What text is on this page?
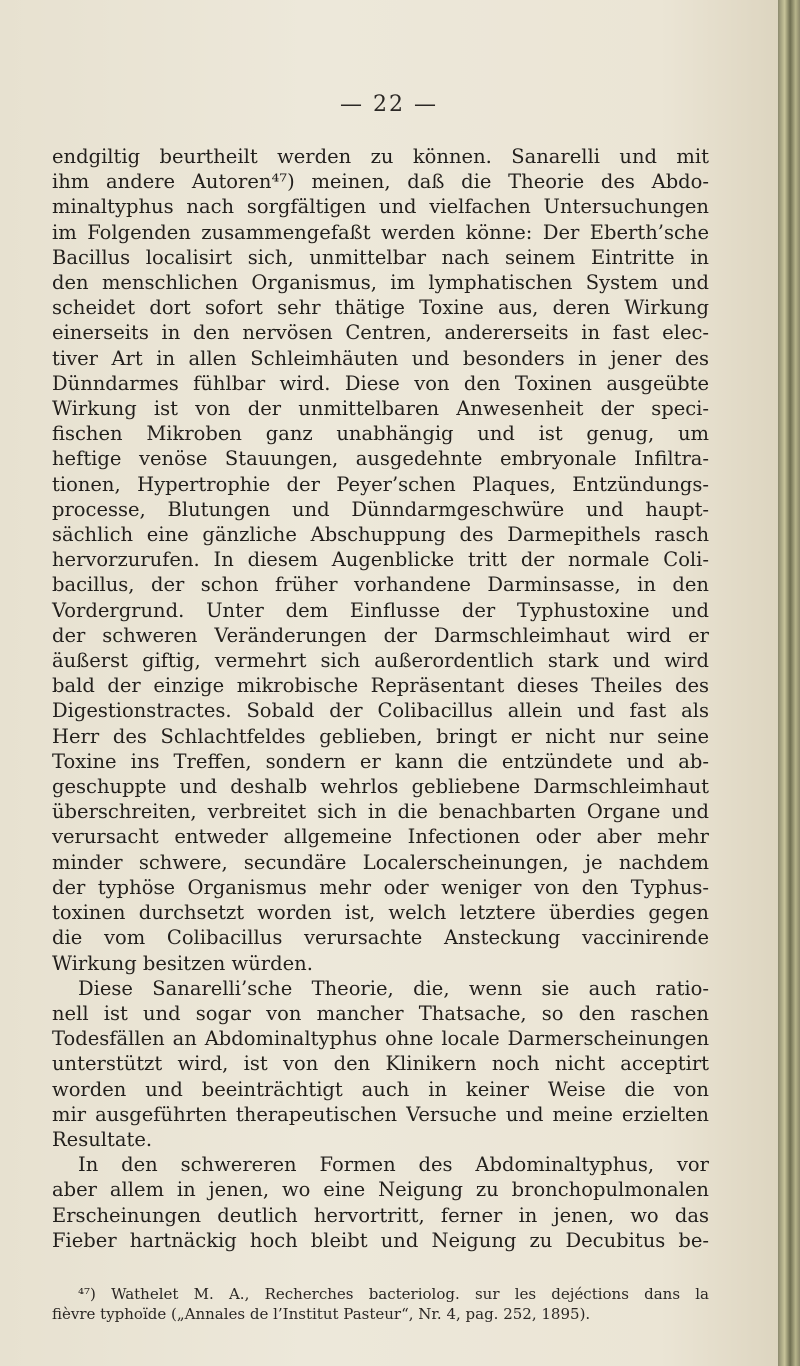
— 22 —
endgiltig beurtheilt werden zu können. Sanarelli und mit
ihm andere Autoren⁴⁷) meinen, daß die Theorie des Abdo-
minaltyphus nach sorgfältigen und vielfachen Untersuchungen
im Folgenden zusammengefaßt werden könne: Der Eberth’sche
Bacillus localisirt sich, unmittelbar nach seinem Eintritte in
den menschlichen Organismus, im lymphatischen System und
scheidet dort sofort sehr thätige Toxine aus, deren Wirkung
einerseits in den nervösen Centren, andererseits in fast elec-
tiver Art in allen Schleimhäuten und besonders in jener des
Dünndarmes fühlbar wird. Diese von den Toxinen ausgeübte
Wirkung ist von der unmittelbaren Anwesenheit der speci-
fischen Mikroben ganz unabhängig und ist genug, um
heftige venöse Stauungen, ausgedehnte embryonale Infiltra-
tionen, Hypertrophie der Peyer’schen Plaques, Entzündungs-
processe, Blutungen und Dünndarmgeschwüre und haupt-
sächlich eine gänzliche Abschuppung des Darmepithels rasch
hervorzurufen. In diesem Augenblicke tritt der normale Coli-
bacillus, der schon früher vorhandene Darminsasse, in den
Vordergrund. Unter dem Einflusse der Typhustoxine und
der schweren Veränderungen der Darmschleimhaut wird er
äußerst giftig, vermehrt sich außerordentlich stark und wird
bald der einzige mikrobische Repräsentant dieses Theiles des
Digestionstractes. Sobald der Colibacillus allein und fast als
Herr des Schlachtfeldes geblieben, bringt er nicht nur seine
Toxine ins Treffen, sondern er kann die entzündete und ab-
geschuppte und deshalb wehrlos gebliebene Darmschleimhaut
überschreiten, verbreitet sich in die benachbarten Organe und
verursacht entweder allgemeine Infectionen oder aber mehr
minder schwere, secundäre Localerscheinungen, je nachdem
der typhöse Organismus mehr oder weniger von den Typhus-
toxinen durchsetzt worden ist, welch letztere überdies gegen
die vom Colibacillus verursachte Ansteckung vaccinirende
Wirkung besitzen würden.
Diese Sanarelli’sche Theorie, die, wenn sie auch ratio-
nell ist und sogar von mancher Thatsache, so den raschen
Todesfällen an Abdominaltyphus ohne locale Darmerscheinungen
unterstützt wird, ist von den Klinikern noch nicht acceptirt
worden und beeinträchtigt auch in keiner Weise die von
mir ausgeführten therapeutischen Versuche und meine erzielten
Resultate.
In den schwereren Formen des Abdominaltyphus, vor
aber allem in jenen, wo eine Neigung zu bronchopulmonalen
Erscheinungen deutlich hervortritt, ferner in jenen, wo das
Fieber hartnäckig hoch bleibt und Neigung zu Decubitus be-
⁴⁷) Wathelet M. A., Recherches bacteriolog. sur les dejéctions dans la
fièvre typhoïde („Annales de l’Institut Pasteur“, Nr. 4, pag. 252, 1895).
